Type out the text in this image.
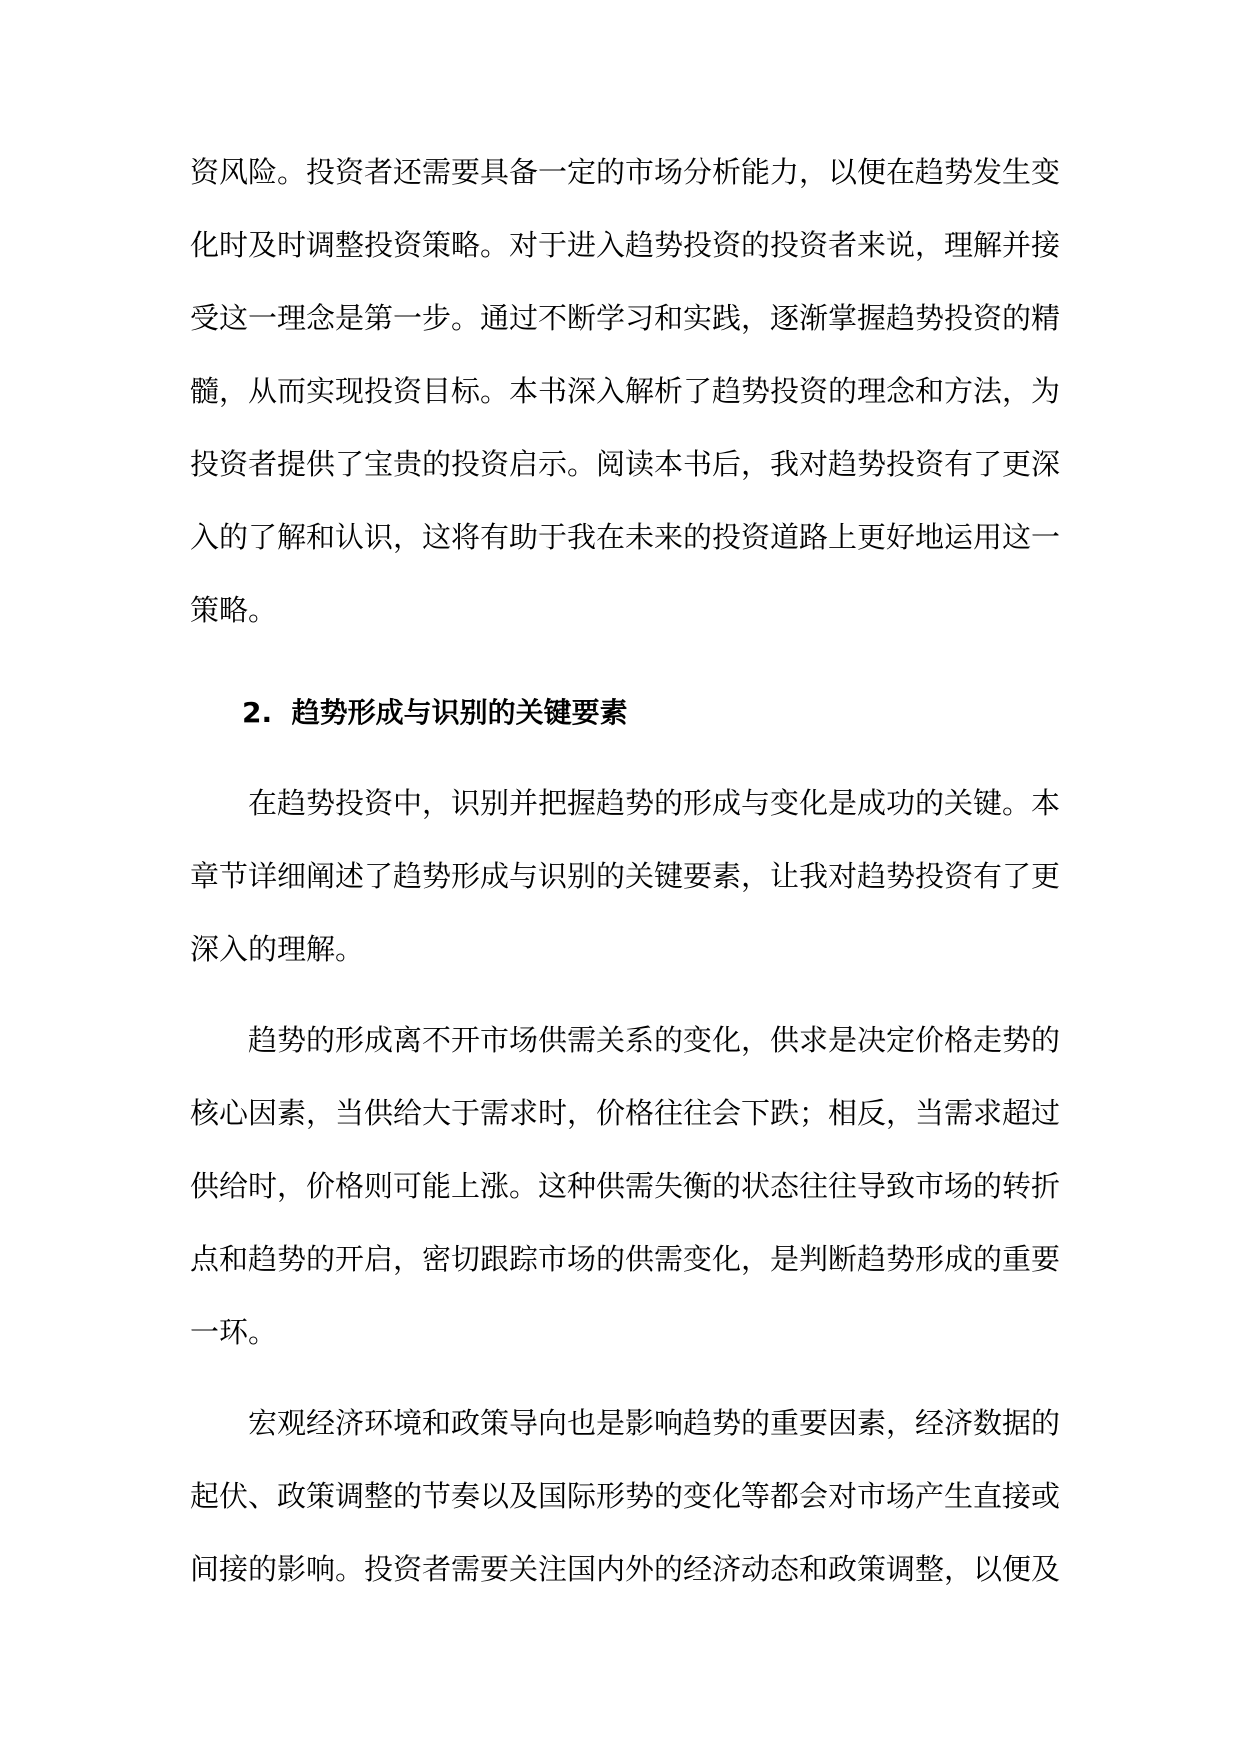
资风险。投资者还需要具备一定的市场分析能力，以便在趋势发生变
化时及时调整投资策略。对于进入趋势投资的投资者来说，理解并接
受这一理念是第一步。通过不断学习和实践，逐渐掌握趋势投资的精
髓，从而实现投资目标。本书深入解析了趋势投资的理念和方法，为
投资者提供了宝贵的投资启示。阅读本书后，我对趋势投资有了更深
入的了解和认识，这将有助于我在未来的投资道路上更好地运用这一
策略。
2. 趋势形成与识别的关键要素
在趋势投资中，识别并把握趋势的形成与变化是成功的关键。本
章节详细阐述了趋势形成与识别的关键要素，让我对趋势投资有了更
深入的理解。
趋势的形成离不开市场供需关系的变化，供求是决定价格走势的
核心因素，当供给大于需求时，价格往往会下跌；相反，当需求超过
供给时，价格则可能上涨。这种供需失衡的状态往往导致市场的转折
点和趋势的开启，密切跟踪市场的供需变化，是判断趋势形成的重要
一环。
宏观经济环境和政策导向也是影响趋势的重要因素，经济数据的
起伏、政策调整的节奏以及国际形势的变化等都会对市场产生直接或
间接的影响。投资者需要关注国内外的经济动态和政策调整，以便及
